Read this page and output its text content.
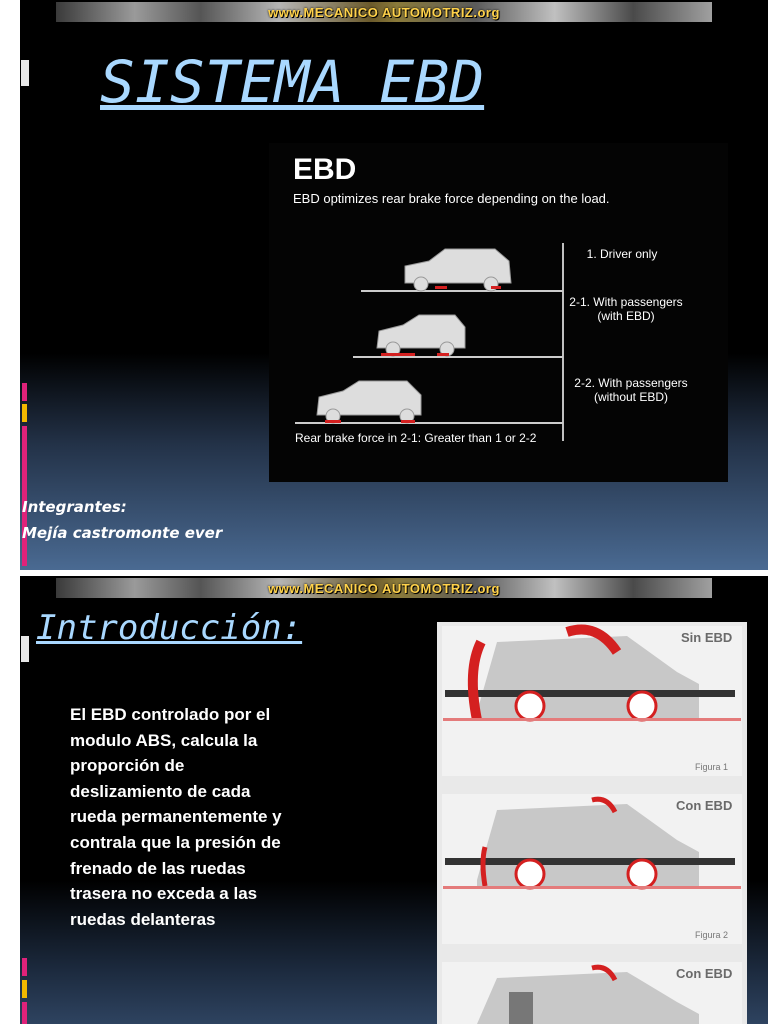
www.MECANICO AUTOMOTRIZ.org
SISTEMA EBD
EBD
EBD optimizes rear brake force depending on the load.
1. Driver only
2-1. With passengers
(with EBD)
2-2. With passengers
(without EBD)
Rear brake force in 2-1: Greater than 1 or 2-2
Integrantes:
Mejía castromonte ever
www.MECANICO AUTOMOTRIZ.org
Introducción:
El EBD controlado por el modulo ABS, calcula la proporción de deslizamiento de cada rueda permanentemente y contrala que la presión de frenado de las ruedas trasera no exceda a las ruedas delanteras
Sin EBD
Figura 1
Con EBD
Figura 2
Con EBD
